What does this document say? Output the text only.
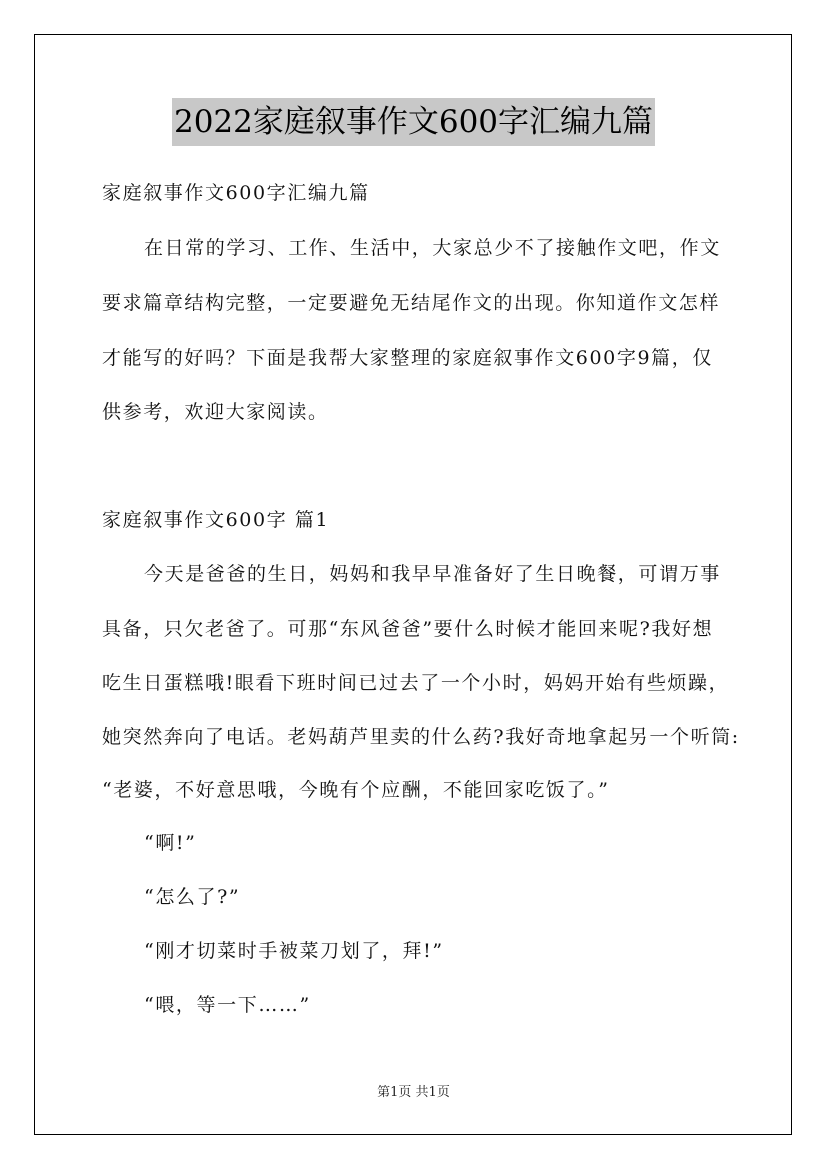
2022家庭叙事作文600字汇编九篇
家庭叙事作文600字汇编九篇
在日常的学习、工作、生活中，大家总少不了接触作文吧，作文
要求篇章结构完整，一定要避免无结尾作文的出现。你知道作文怎样
才能写的好吗？下面是我帮大家整理的家庭叙事作文600字9篇，仅
供参考，欢迎大家阅读。
家庭叙事作文600字 篇1
今天是爸爸的生日，妈妈和我早早准备好了生日晚餐，可谓万事
具备，只欠老爸了。可那“东风爸爸”要什么时候才能回来呢?我好想
吃生日蛋糕哦!眼看下班时间已过去了一个小时，妈妈开始有些烦躁，
她突然奔向了电话。老妈葫芦里卖的什么药?我好奇地拿起另一个听筒:
“老婆，不好意思哦，今晚有个应酬，不能回家吃饭了。”
“啊!”
“怎么了?”
“刚才切菜时手被菜刀划了，拜!”
“喂，等一下……”
第1页 共1页
